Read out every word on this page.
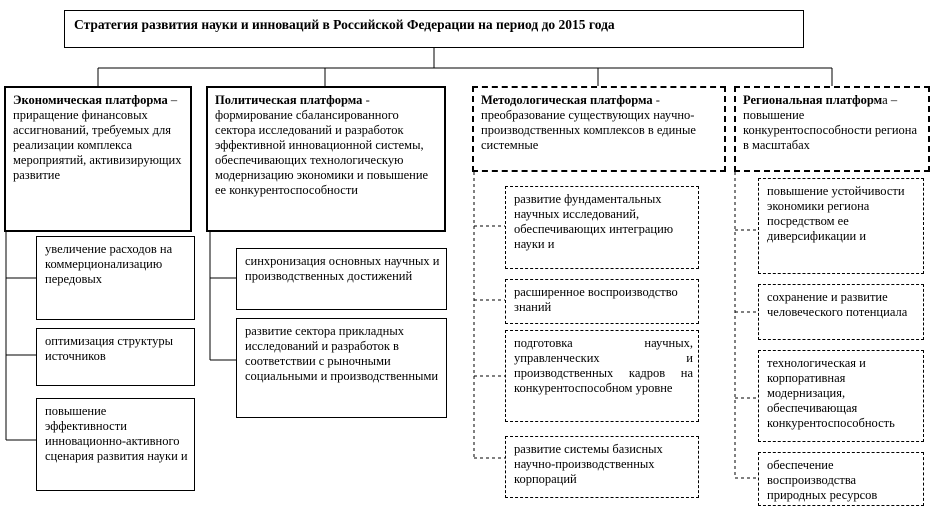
Стратегия развития науки и инноваций в Российской Федерации на период до 2015 года
Экономическая платформа – приращение финансовых ассигнований, требуемых для реализации комплекса мероприятий, активизирующих развитие
увеличение расходов на коммерционализацию передовых
оптимизация структуры источников
повышение эффективности инновационно-активного сценария развития науки и
Политическая платформа - формирование сбалансированного сектора исследований и разработок эффективной инновационной системы, обеспечивающих технологическую модернизацию экономики и повышение ее конкурентоспособности
синхронизация основных научных и производственных достижений
развитие сектора прикладных исследований и разработок в соответствии с рыночными социальными и производственными
Методологическая платформа - преобразование существующих научно-производственных комплексов в единые системные
развитие фундаментальных научных исследований, обеспечивающих интеграцию науки и
расширенное воспроизводство знаний
подготовка научных, управленческих и производственных кадров на конкурентоспособном уровне
развитие системы базисных научно-производственных корпораций
Региональная платформа – повышение конкурентоспособности региона в масштабах
повышение устойчивости экономики региона посредством ее диверсификации и
сохранение и развитие человеческого потенциала
технологическая и корпоративная модернизация, обеспечивающая конкурентоспособность
обеспечение воспроизводства природных ресурсов
